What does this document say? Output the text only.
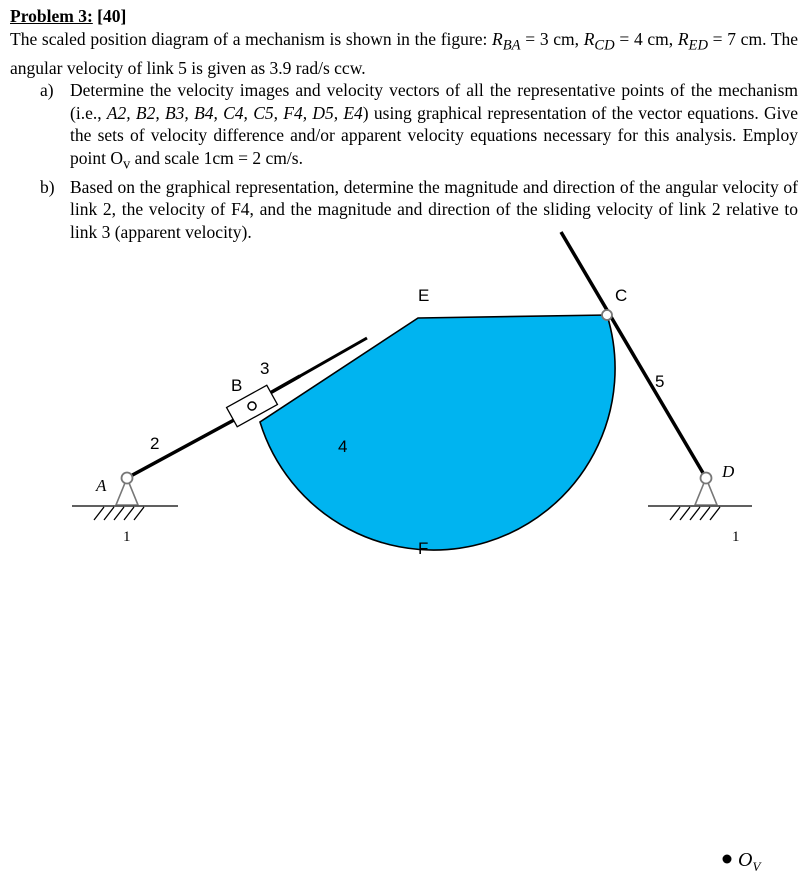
Problem 3: [40]
The scaled position diagram of a mechanism is shown in the figure: $R_{BA} = 3$ cm, $R_{CD} = 4$ cm, $R_{ED} = 7$ cm. The angular velocity of link 5 is given as 3.9 rad/s ccw.
a) Determine the velocity images and velocity vectors of all the representative points of the mechanism (i.e., A2, B2, B3, B4, C4, C5, F4, D5, E4) using graphical representation of the vector equations. Give the sets of velocity difference and/or apparent velocity equations necessary for this analysis. Employ point $O_v$ and scale 1cm = 2 cm/s.
b) Based on the graphical representation, determine the magnitude and direction of the angular velocity of link 2, the velocity of F4, and the magnitude and direction of the sliding velocity of link 2 relative to link 3 (apparent velocity).
E	C
B
3
5
2	4
A
D
1	1
F
$O_V$
